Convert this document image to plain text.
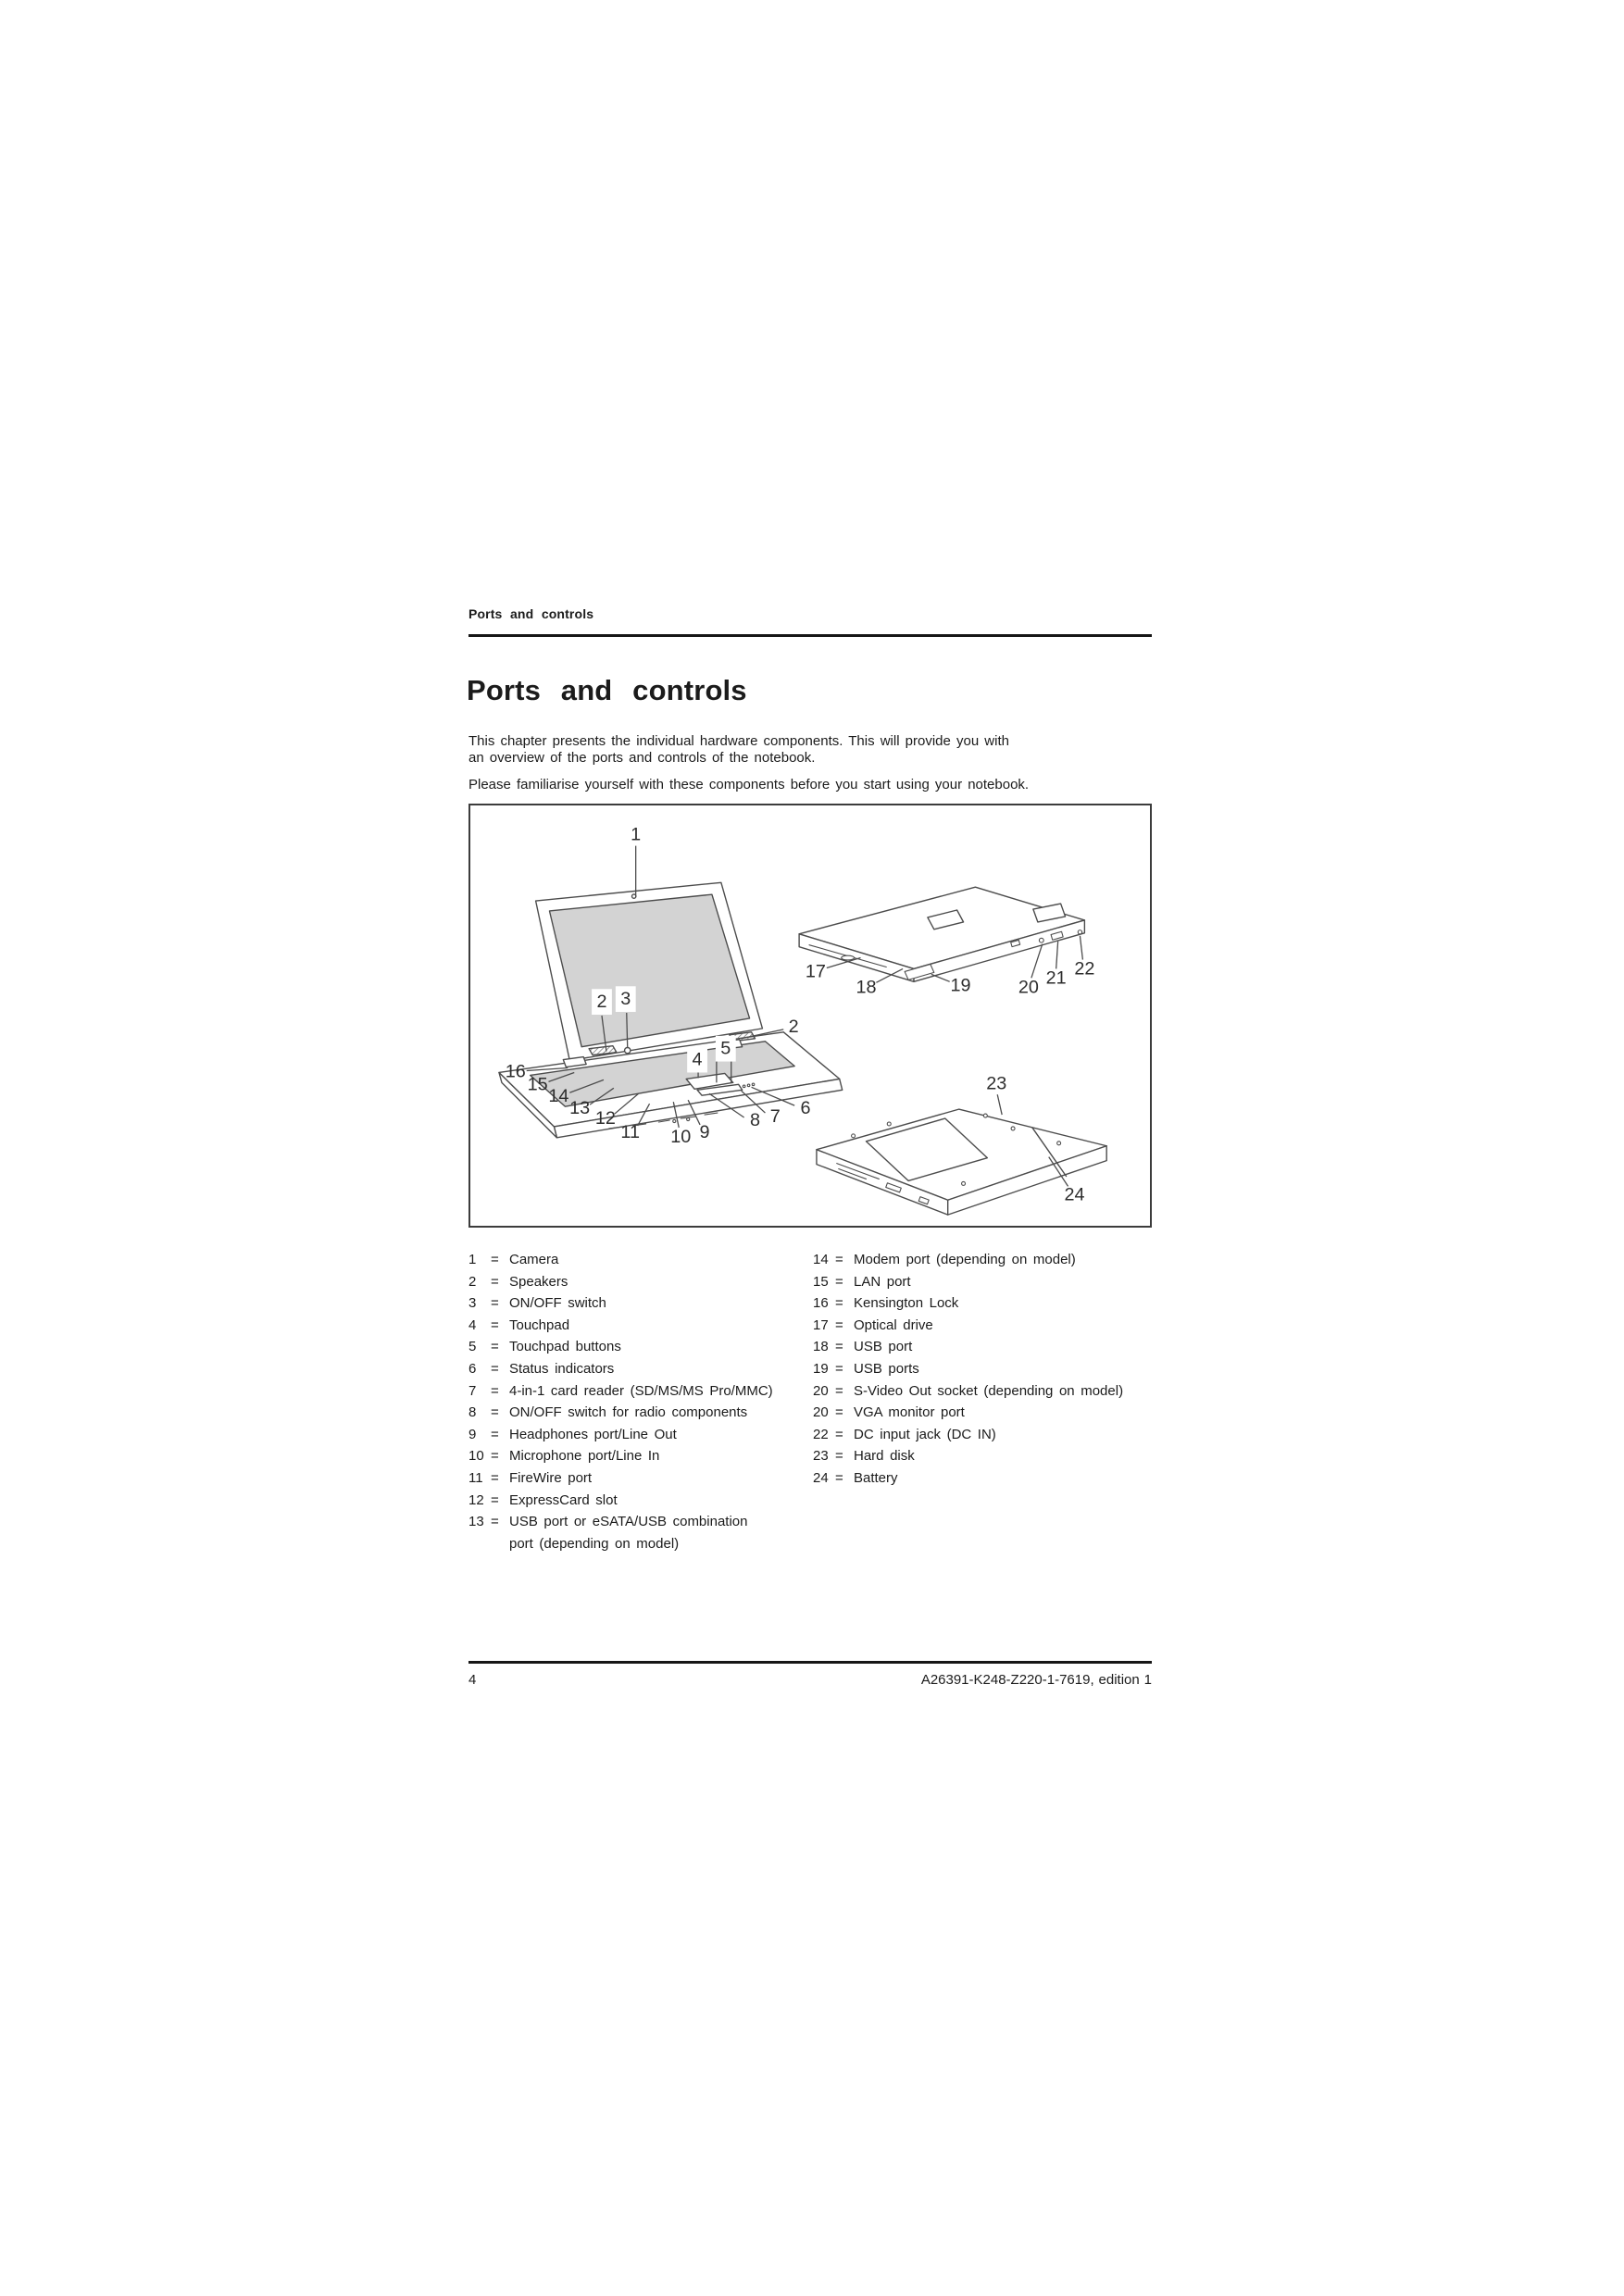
Ports and controls
Ports and controls
This chapter presents the individual hardware components. This will provide you with
an overview of the ports and controls of the notebook.
Please familiarise yourself with these components before you start using your notebook.
1
2 3
2
4
5
6
7
8
9
10
11
12
13
14
15
16
17
18	19	20 21 22
23
24
1	= Camera
2	= Speakers
3	= ON/OFF switch
4	= Touchpad
5	= Touchpad buttons
6	= Status indicators
7	= 4-in-1 card reader (SD/MS/MS Pro/MMC)
8	= ON/OFF switch for radio components
9	= Headphones port/Line Out
10 = Microphone port/Line In
11 = FireWire port
12 = ExpressCard slot
13 = USB port or eSATA/USB combination
port (depending on model)
14 = Modem port (depending on model)
15 = LAN port
16 = Kensington Lock
17 = Optical drive
18 = USB port
19 = USB ports
20 = S-Video Out socket (depending on model)
20 = VGA monitor port
22 = DC input jack (DC IN)
23 = Hard disk
24 = Battery
4	A26391-K248-Z220-1-7619, edition 1
